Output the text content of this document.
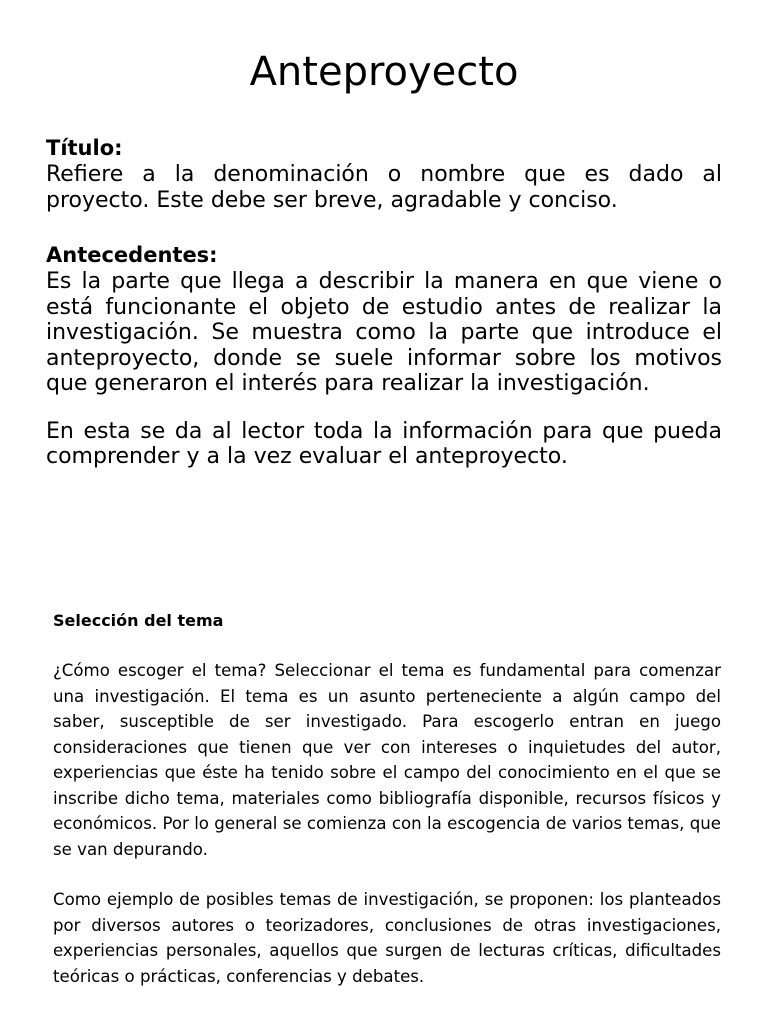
Anteproyecto

Título:

Refiere a la denominación o nombre que es dado al proyecto. Este debe ser breve, agradable y conciso.

Antecedentes:

Es la parte que llega a describir la manera en que viene o está funcionante el objeto de estudio antes de realizar la investigación. Se muestra como la parte que introduce el anteproyecto, donde se suele informar sobre los motivos que generaron el interés para realizar la investigación.

En esta se da al lector toda la información para que pueda comprender y a la vez evaluar el anteproyecto.

Selección del tema

¿Cómo escoger el tema? Seleccionar el tema es fundamental para comenzar una investigación. El tema es un asunto perteneciente a algún campo del saber, susceptible de ser investigado. Para escogerlo entran en juego consideraciones que tienen que ver con intereses o inquietudes del autor, experiencias que éste ha tenido sobre el campo del conocimiento en el que se inscribe dicho tema, materiales como bibliografía disponible, recursos físicos y económicos. Por lo general se comienza con la escogencia de varios temas, que se van depurando.

Como ejemplo de posibles temas de investigación, se proponen: los planteados por diversos autores o teorizadores, conclusiones de otras investigaciones, experiencias personales, aquellos que surgen de lecturas críticas, dificultades teóricas o prácticas, conferencias y debates.
